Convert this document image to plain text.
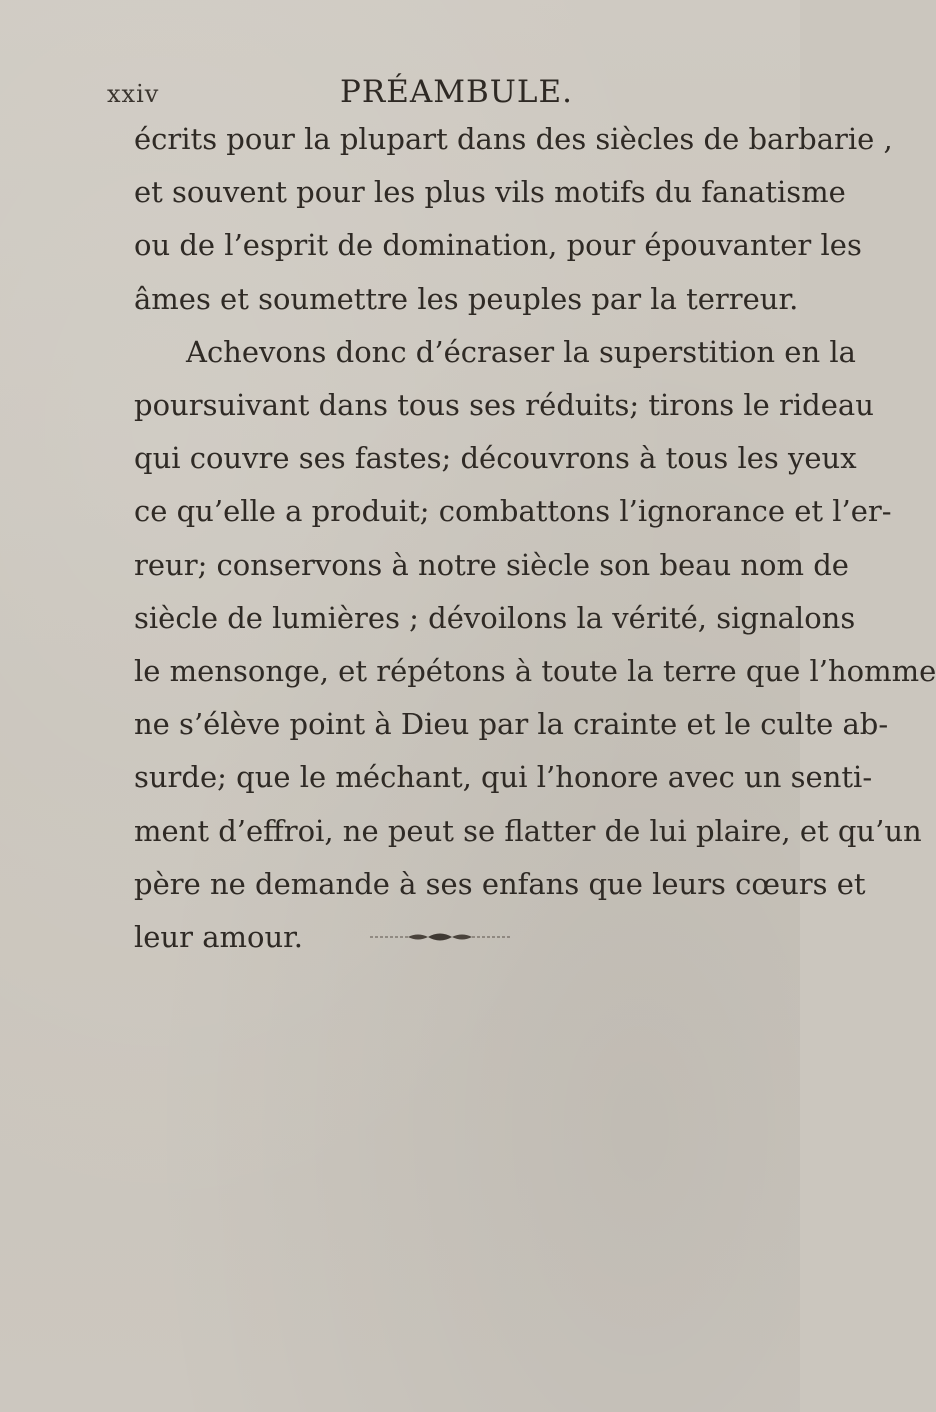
xxiv	PRÉAMBULE.
écrits pour la plupart dans des siècles de barbarie ,
et souvent pour les plus vils motifs du fanatisme
ou de l’esprit de domination, pour épouvanter les
âmes et soumettre les peuples par la terreur.
Achevons donc d’écraser la superstition en la
poursuivant dans tous ses réduits; tirons le rideau
qui couvre ses fastes; découvrons à tous les yeux
ce qu’elle a produit; combattons l’ignorance et l’er-
reur; conservons à notre siècle son beau nom de
siècle de lumières ; dévoilons la vérité, signalons
le mensonge, et répétons à toute la terre que l’homme
ne s’élève point à Dieu par la crainte et le culte ab-
surde; que le méchant, qui l’honore avec un senti-
ment d’effroi, ne peut se flatter de lui plaire, et qu’un
père ne demande à ses enfans que leurs cœurs et
leur amour.
